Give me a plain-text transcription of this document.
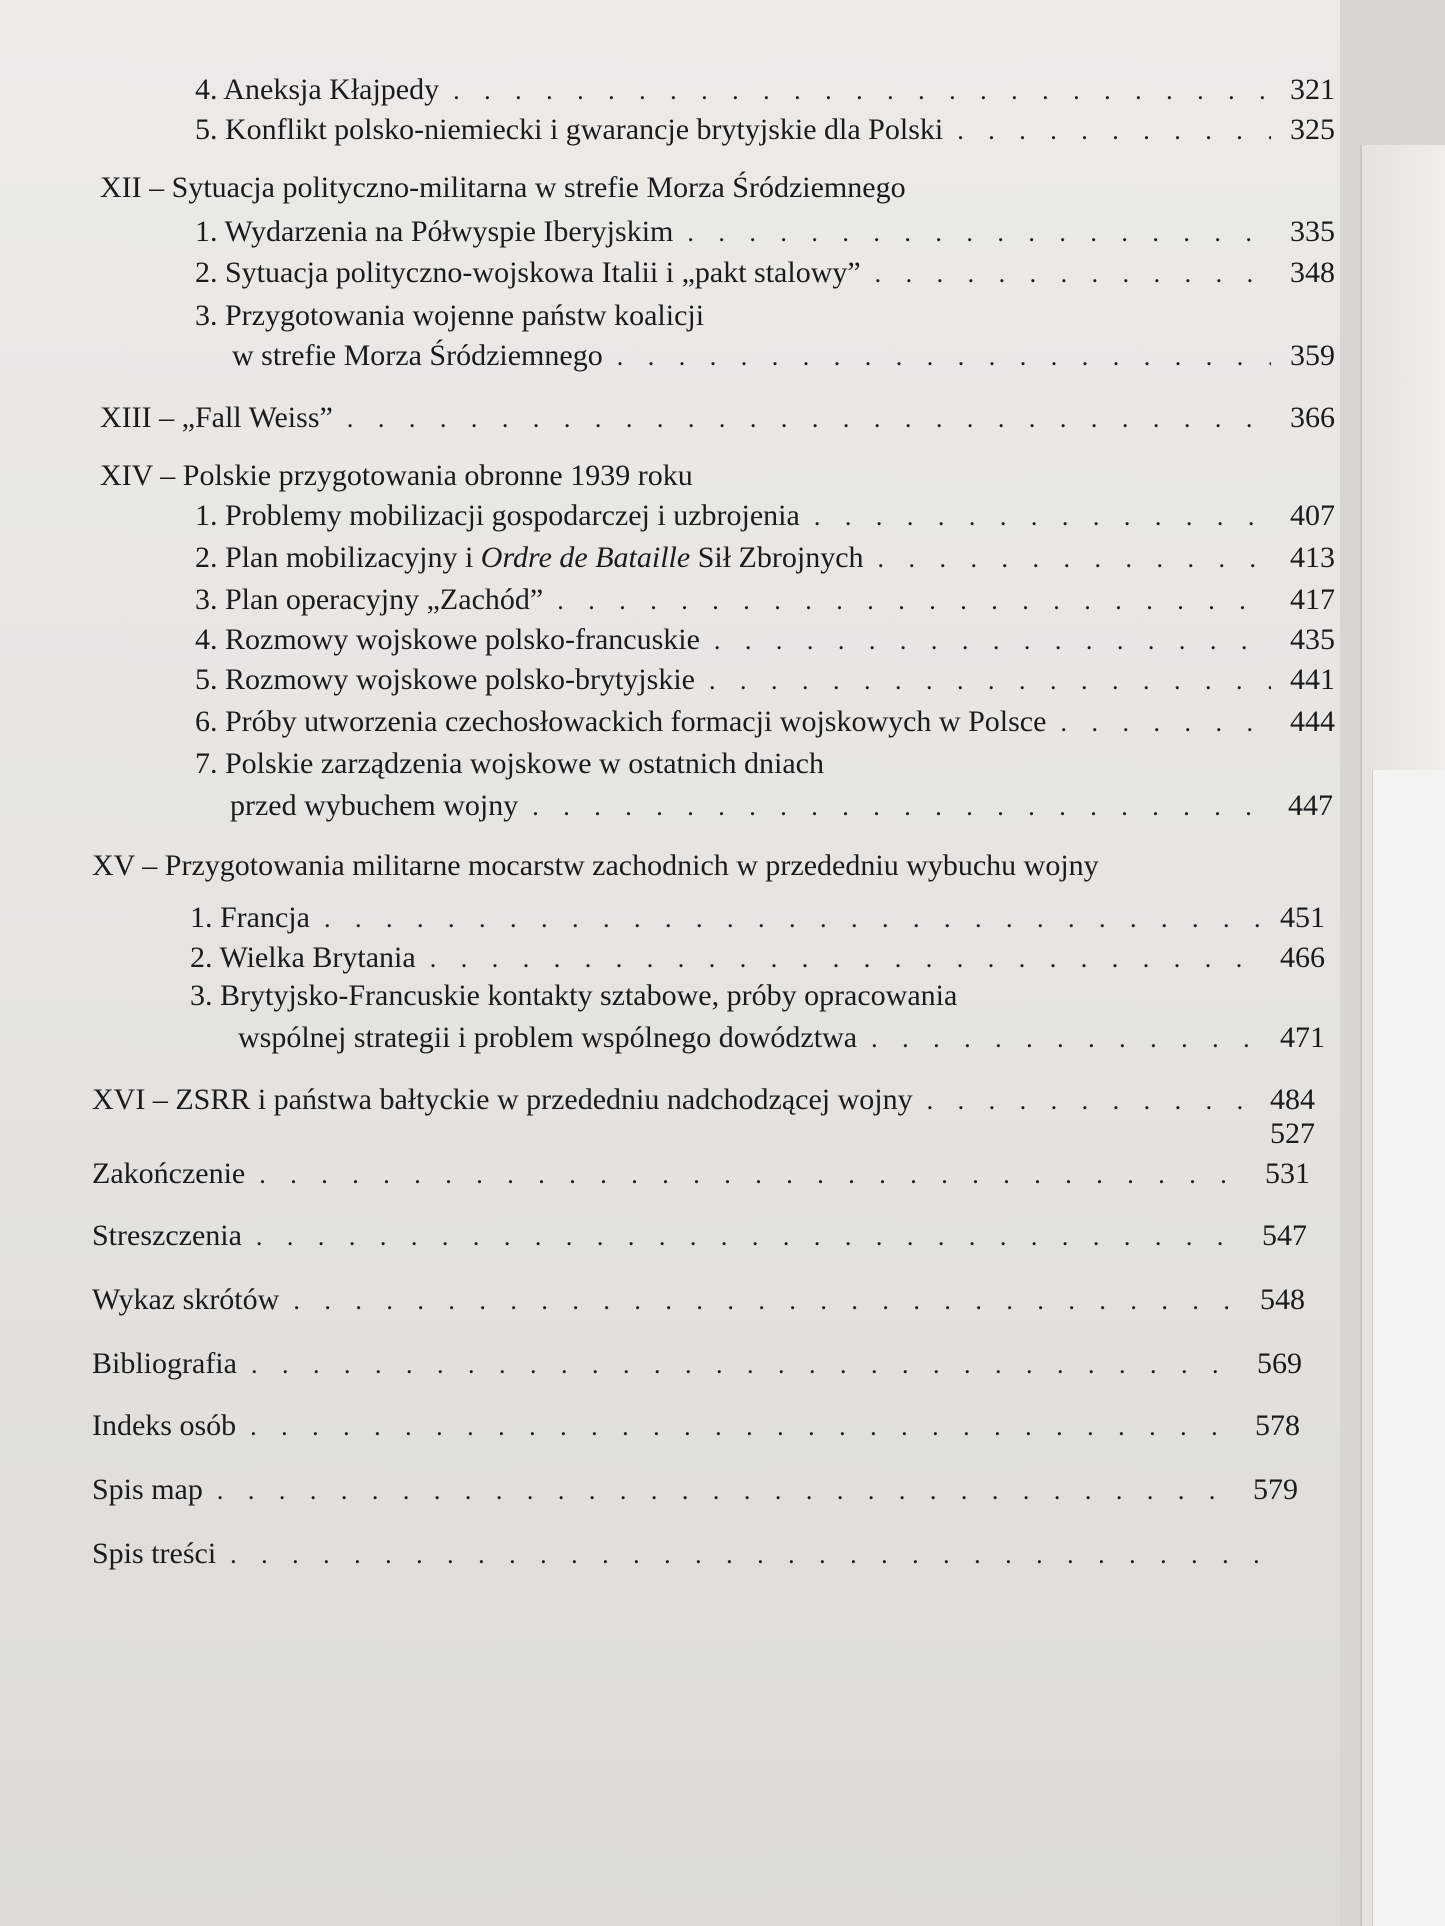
4. Aneksja Kłajpedy . . .	321
5. Konflikt polsko-niemiecki i gwarancje brytyjskie dla Polski . . .	325
XII – Sytuacja polityczno-militarna w strefie Morza Śródziemnego
1. Wydarzenia na Półwyspie Iberyjskim . . .	335
2. Sytuacja polityczno-wojskowa Italii i „pakt stalowy” . . .	348
3. Przygotowania wojenne państw koalicji
w strefie Morza Śródziemnego . . .	359
XIII – „Fall Weiss” . . .	366
XIV – Polskie przygotowania obronne 1939 roku
1. Problemy mobilizacji gospodarczej i uzbrojenia . . .	407
2. Plan mobilizacyjny i Ordre de Bataille Sił Zbrojnych . . .	413
3. Plan operacyjny „Zachód” . . .	417
4. Rozmowy wojskowe polsko-francuskie . . .	435
5. Rozmowy wojskowe polsko-brytyjskie . . .	441
6. Próby utworzenia czechosłowackich formacji wojskowych w Polsce . . .	444
7. Polskie zarządzenia wojskowe w ostatnich dniach
przed wybuchem wojny . . .	447
XV – Przygotowania militarne mocarstw zachodnich w przededniu wybuchu wojny
1. Francja . . .	451
2. Wielka Brytania . . .	466
3. Brytyjsko-Francuskie kontakty sztabowe, próby opracowania
wspólnej strategii i problem wspólnego dowództwa . . .	471
XVI – ZSRR i państwa bałtyckie w przededniu nadchodzącej wojny . . .	484
527
Zakończenie . . .	531
Streszczenia . . .	547
Wykaz skrótów . . .	548
Bibliografia . . .	569
Indeks osób . . .	578
Spis map . . .	579
Spis treści
. . .
